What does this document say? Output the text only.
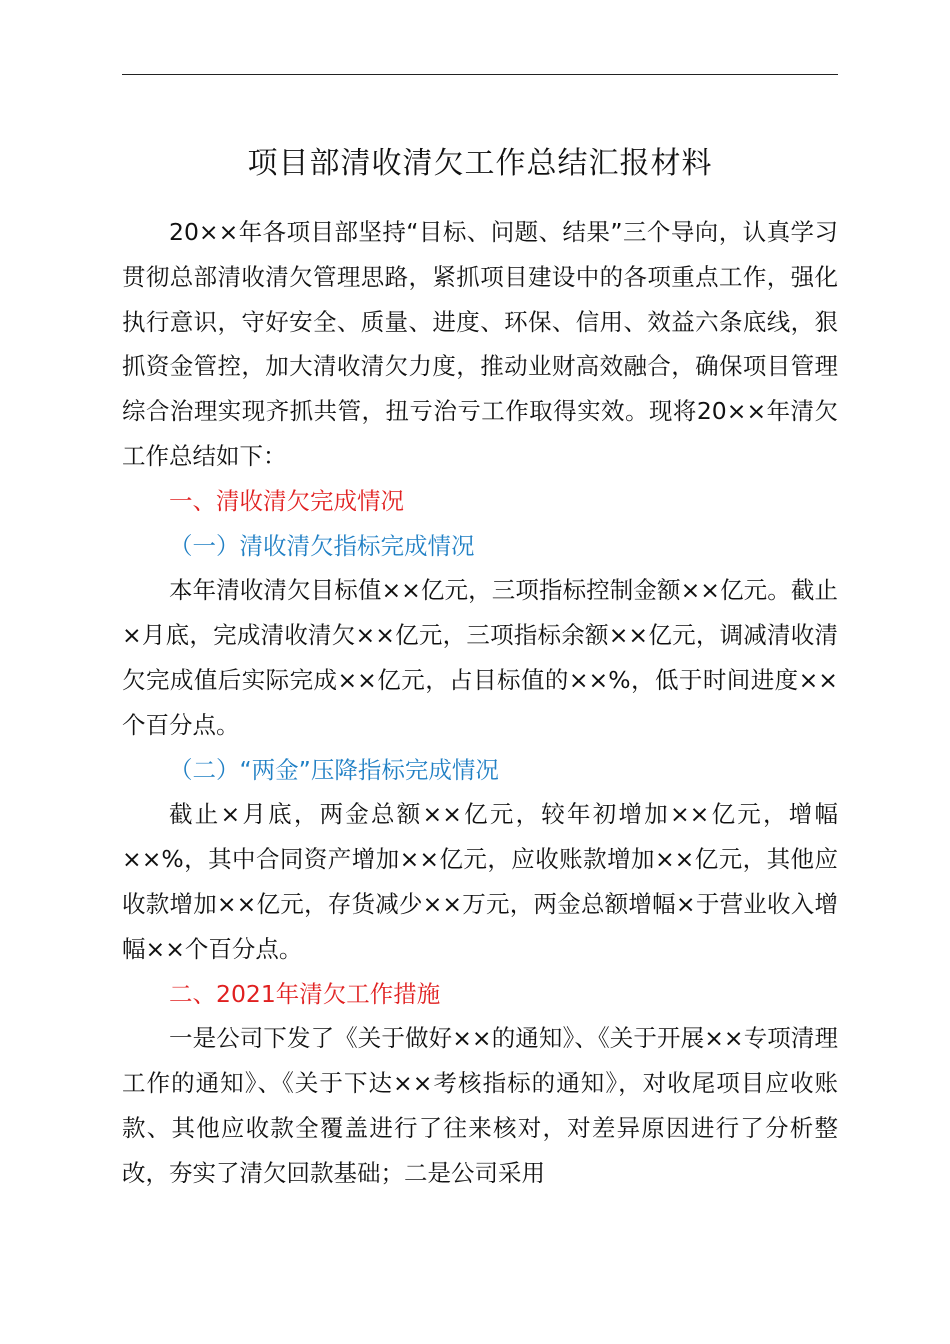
项目部清收清欠工作总结汇报材料

20××年各项目部坚持“目标、问题、结果”三个导向，认真学习贯彻总部清收清欠管理思路，紧抓项目建设中的各项重点工作，强化执行意识，守好安全、质量、进度、环保、信用、效益六条底线，狠抓资金管控，加大清收清欠力度，推动业财高效融合，确保项目管理综合治理实现齐抓共管，扭亏治亏工作取得实效。现将20××年清欠工作总结如下：

一、清收清欠完成情况

（一）清收清欠指标完成情况

本年清收清欠目标值××亿元，三项指标控制金额××亿元。截止×月底，完成清收清欠××亿元，三项指标余额××亿元，调减清收清欠完成值后实际完成××亿元，占目标值的××%，低于时间进度××个百分点。

（二）“两金”压降指标完成情况

截止×月底，两金总额××亿元，较年初增加××亿元，增幅××%，其中合同资产增加××亿元，应收账款增加××亿元，其他应收款增加××亿元，存货减少××万元，两金总额增幅×于营业收入增幅××个百分点。

二、2021年清欠工作措施

一是公司下发了《关于做好××的通知》、《关于开展××专项清理工作的通知》、《关于下达××考核指标的通知》，对收尾项目应收账款、其他应收款全覆盖进行了往来核对，对差异原因进行了分析整改，夯实了清欠回款基础；二是公司采用
